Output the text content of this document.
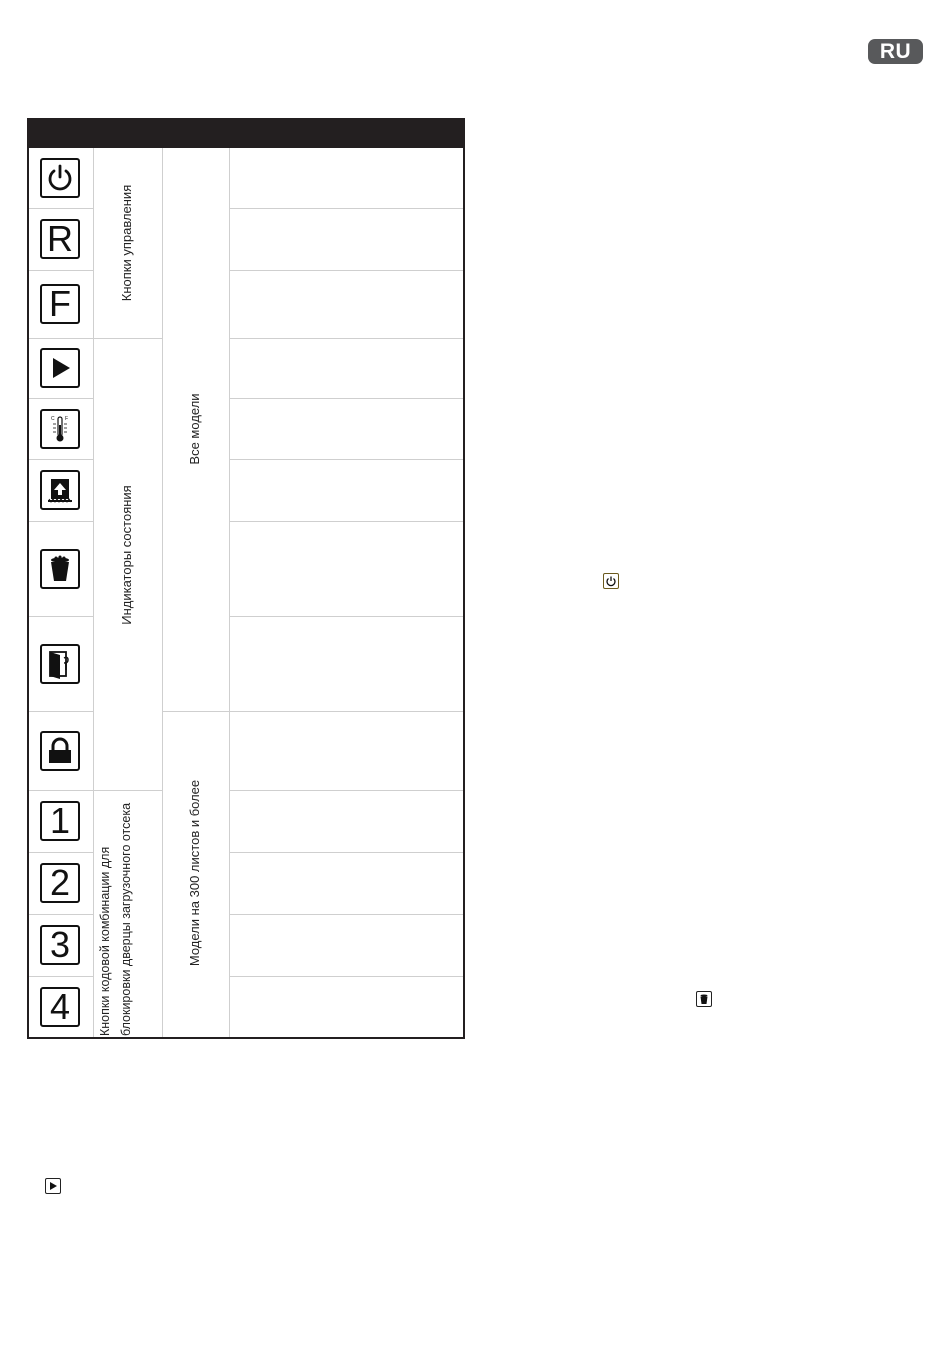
RU
R
F
C F
1
2
3
4
Кнопки управления
Индикаторы состояния
Кнопки кодовой комбинации для блокировки дверцы загрузочного отсека
Все модели
Модели на 300 листов и более
